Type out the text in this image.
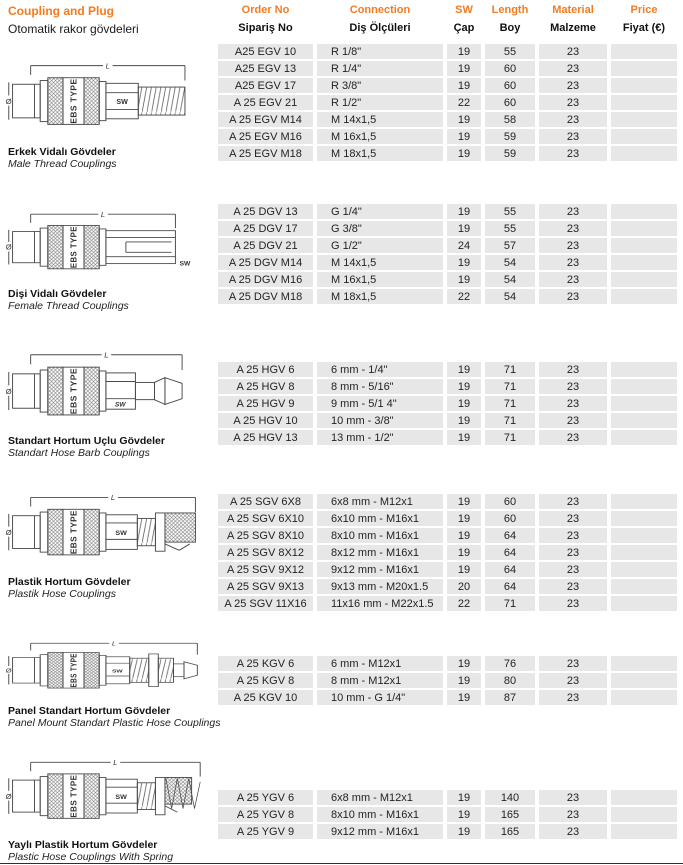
Coupling and Plug
Otomatik rakor gövdeleri
Order No	Connection	SW	Length	Material	Price
Sipariş No	Diş Ölçüleri	Çap	Boy	Malzeme	Fiyat (€)
L
Ø	EBS TYPE	SW
Erkek Vidalı Gövdeler
Male Thread Couplings
A25 EGV 10	R 1/8"	19	55	23
A25 EGV 13	R 1/4"	19	60	23
A25 EGV 17	R 3/8"	19	60	23
A 25 EGV 21	R 1/2"	22	60	23
A 25 EGV M14	M 14x1,5	19	58	23
A 25 EGV M16	M 16x1,5	19	59	23
A 25 EGV M18	M 18x1,5	19	59	23
L
Ø	EBS TYPE	SW
Dişi Vidalı Gövdeler
Female Thread Couplings
A 25 DGV 13	G 1/4"	19	55	23
A 25 DGV 17	G 3/8"	19	55	23
A 25 DGV 21	G 1/2"	24	57	23
A 25 DGV M14	M 14x1,5	19	54	23
A 25 DGV M16	M 16x1,5	19	54	23
A 25 DGV M18	M 18x1,5	22	54	23
L
Ø	EBS TYPE	SW
Standart Hortum Uçlu Gövdeler
Standart Hose Barb Couplings
A 25 HGV 6	6 mm - 1/4"	19	71	23
A 25 HGV 8	8 mm - 5/16"	19	71	23
A 25 HGV 9	9 mm - 5/1 4"	19	71	23
A 25 HGV 10	10 mm - 3/8"	19	71	23
A 25 HGV 13	13 mm - 1/2"	19	71	23
L
Ø	EBS TYPE	SW
Plastik Hortum Gövdeler
Plastik Hose Couplings
A 25 SGV 6X8	6x8 mm - M12x1	19	60	23
A 25 SGV 6X10	6x10 mm - M16x1	19	60	23
A 25 SGV 8X10	8x10 mm - M16x1	19	64	23
A 25 SGV 8X12	8x12 mm - M16x1	19	64	23
A 25 SGV 9X12	9x12 mm - M16x1	19	64	23
A 25 SGV 9X13	9x13 mm - M20x1.5	20	64	23
A 25 SGV 11X16	11x16 mm - M22x1.5	22	71	23
L
Ø	EBS TYPE	SW
Panel Standart Hortum Gövdeler
Panel Mount Standart Plastic Hose Couplings
A 25 KGV 6	6 mm - M12x1	19	76	23
A 25 KGV 8	8 mm - M12x1	19	80	23
A 25 KGV 10	10 mm - G 1/4"	19	87	23
L
Ø	EBS TYPE	SW
Yaylı Plastik Hortum Gövdeler
Plastic Hose Couplings With Spring
A 25 YGV 6	6x8 mm - M12x1	19	140	23
A 25 YGV 8	8x10 mm - M16x1	19	165	23
A 25 YGV 9	9x12 mm - M16x1	19	165	23
